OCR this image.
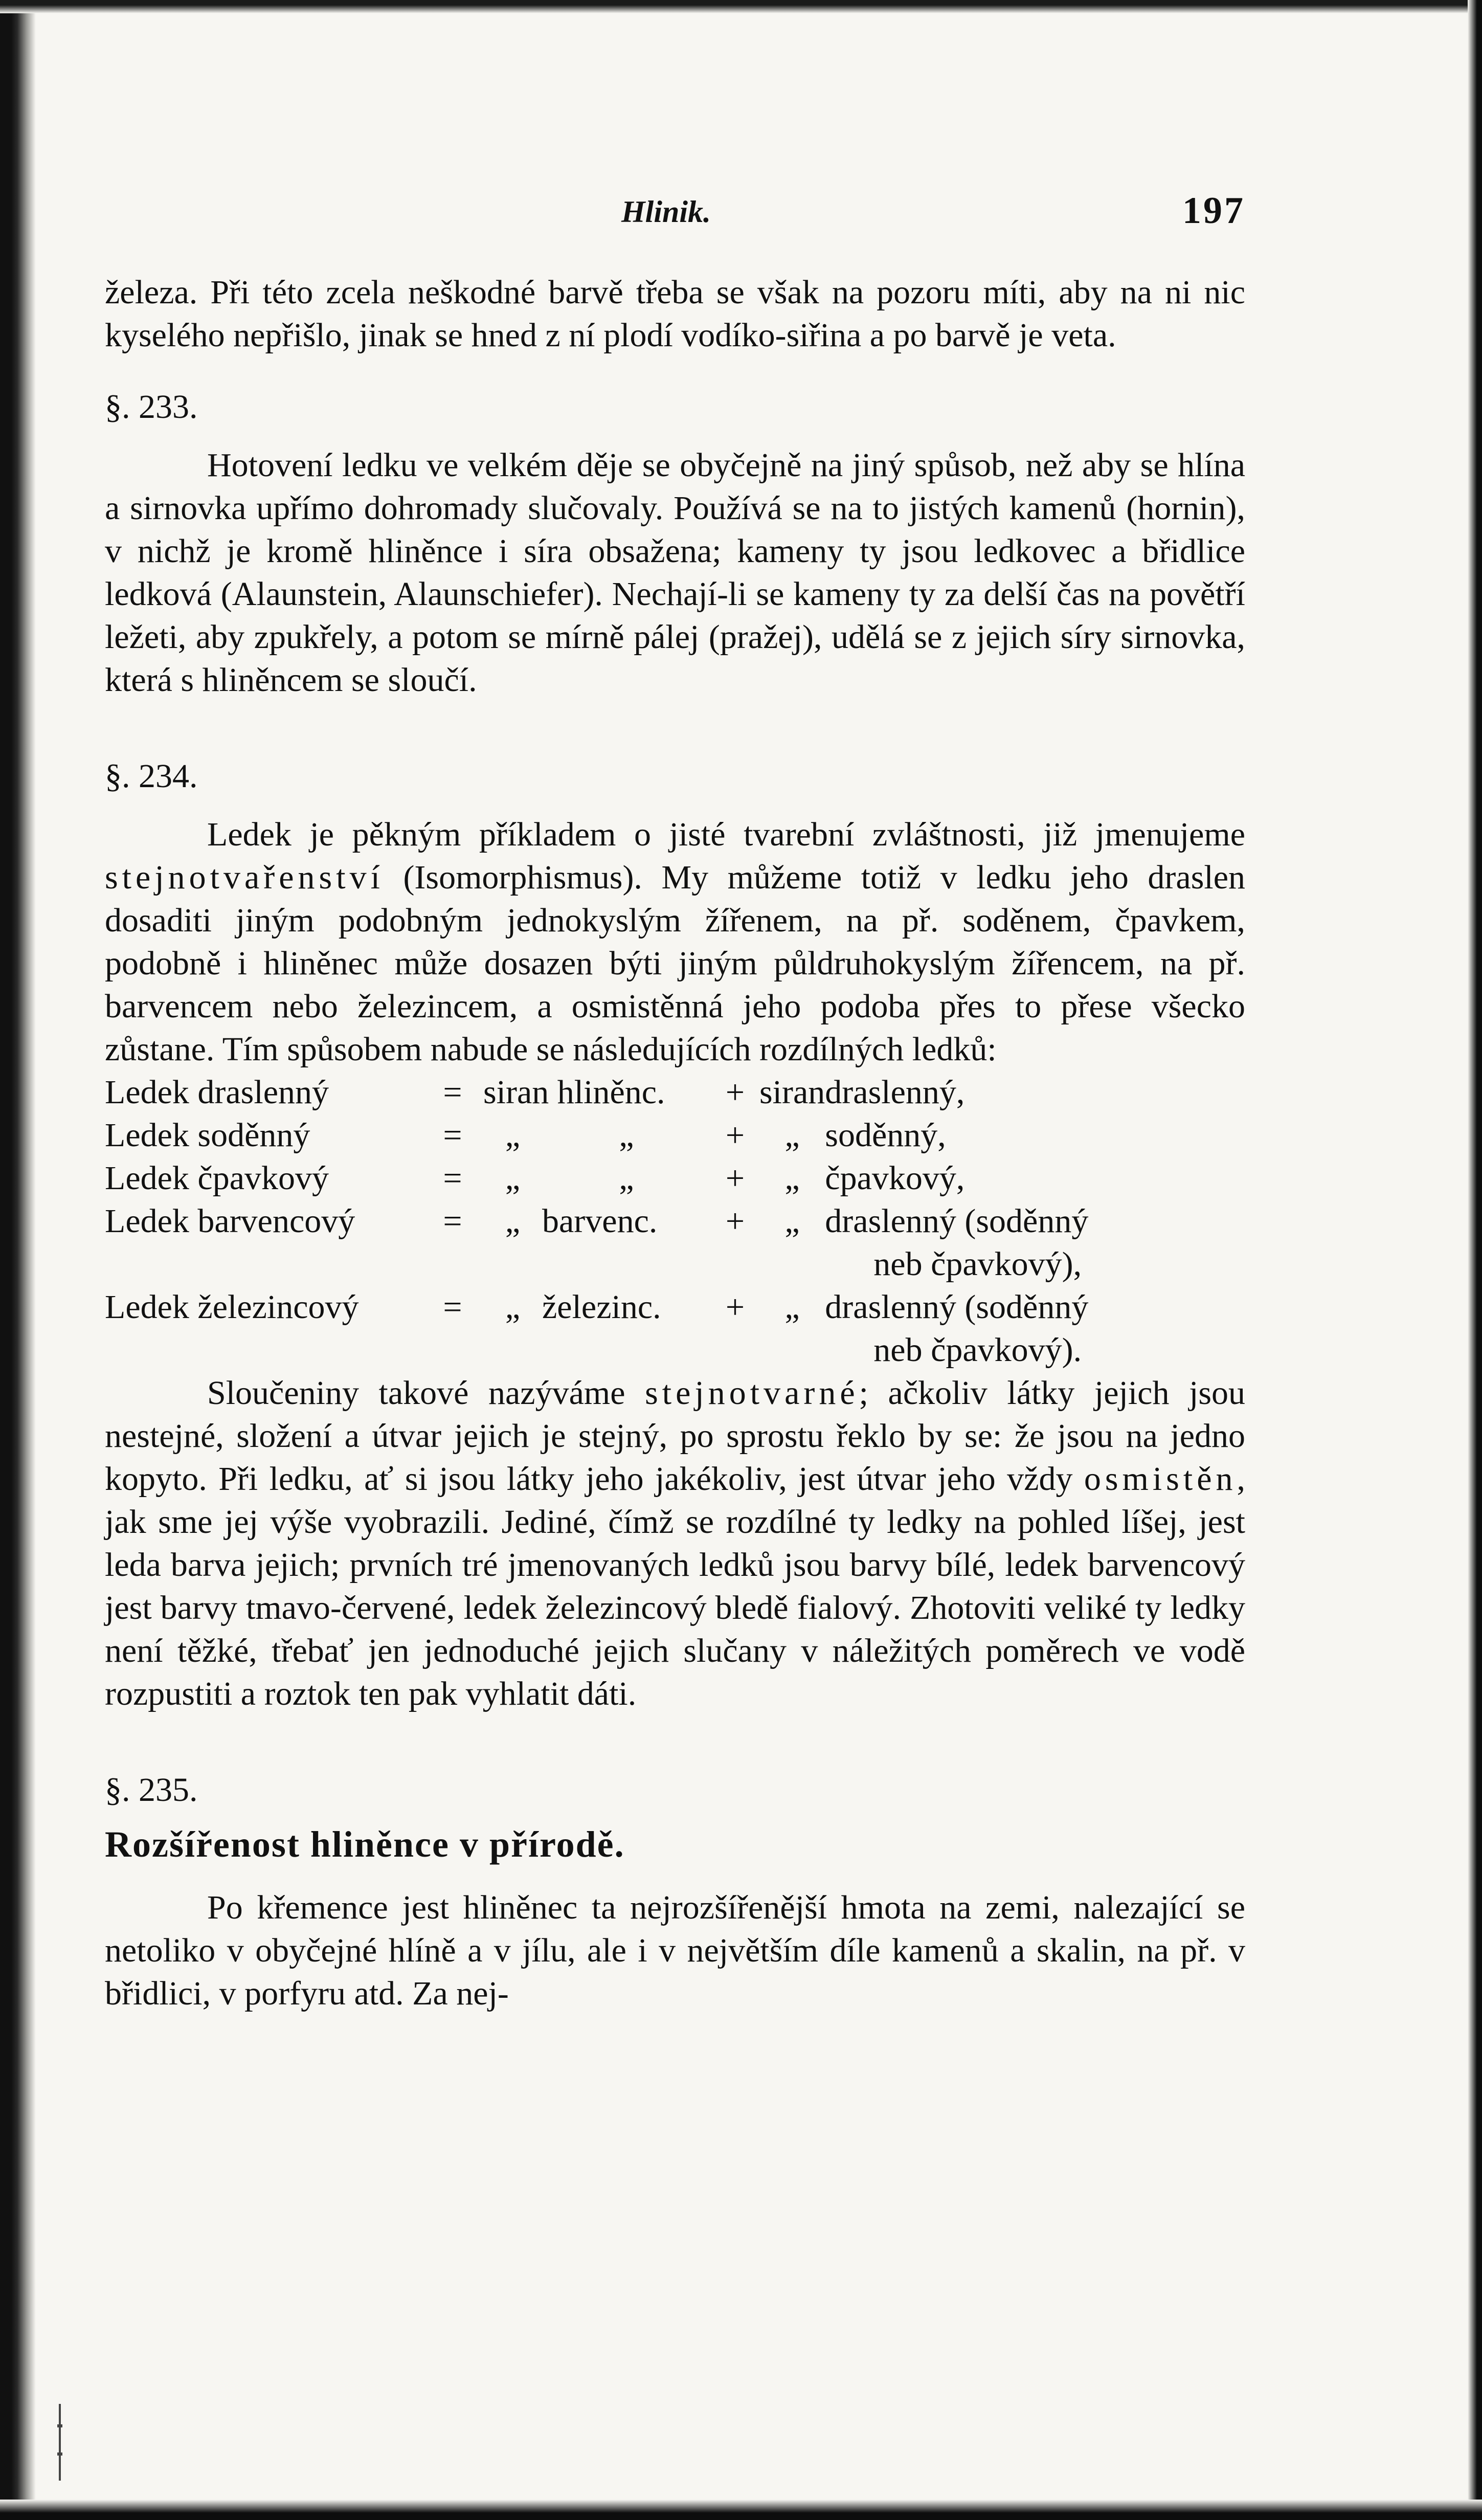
Hlinik.	197

železa. Při této zcela neškodné barvě třeba se však na pozoru míti, aby na ni nic kyselého nepřišlo, jinak se hned z ní plodí vodíko-siřina a po barvě je veta.

§. 233.

Hotovení ledku ve velkém děje se obyčejně na jiný spůsob, než aby se hlína a sirnovka upřímo dohromady slučovaly. Používá se na to jistých kamenů (hornin), v nichž je kromě hliněnce i síra obsažena; kameny ty jsou ledkovec a břidlice ledková (Alaunstein, Alaunschiefer). Nechají-li se kameny ty za delší čas na povětří ležeti, aby zpukřely, a potom se mírně pálej (pražej), udělá se z jejich síry sirnovka, která s hliněncem se sloučí.

§. 234.

Ledek je pěkným příkladem o jisté tvarební zvláštnosti, již jmenujeme stejnotvařenství (Isomorphismus). My můžeme totiž v ledku jeho draslen dosaditi jiným podobným jednokyslým žířenem, na př. soděnem, čpavkem, podobně i hliněnec může dosazen býti jiným půldruhokyslým žířencem, na př. barvencem nebo železincem, a osmistěnná jeho podoba přes to přese všecko zůstane. Tím spůsobem nabude se následujících rozdílných ledků:

Ledek draslenný	=	siran hliněnc.		+	siran	draslenný,
Ledek soděnný	=	„	„	+	„	soděnný,
Ledek čpavkový	=	„	„	+	„	čpavkový,
Ledek barvencový	=	„	barvenc.	+	„	draslenný (soděnný
neb čpavkový),
Ledek železincový	=	„	železinc.	+	„	draslenný (soděnný
neb čpavkový).

Sloučeniny takové nazýváme stejnotvarné; ačkoliv látky jejich jsou nestejné, složení a útvar jejich je stejný, po sprostu řeklo by se: že jsou na jedno kopyto. Při ledku, ať si jsou látky jeho jakékoliv, jest útvar jeho vždy osmistěn, jak sme jej výše vyobrazili. Jediné, čímž se rozdílné ty ledky na pohled líšej, jest leda barva jejich; prvních tré jmenovaných ledků jsou barvy bílé, ledek barvencový jest barvy tmavo-červené, ledek železincový bledě fialový. Zhotoviti veliké ty ledky není těžké, třebať jen jednoduché jejich slučany v náležitých poměrech ve vodě rozpustiti a roztok ten pak vyhlatit dáti.

§. 235.

Rozšířenost hliněnce v přírodě.

Po křemence jest hliněnec ta nejrozšířenější hmota na zemi, nalezající se netoliko v obyčejné hlíně a v jílu, ale i v největším díle kamenů a skalin, na př. v břidlici, v porfyru atd. Za nej-
